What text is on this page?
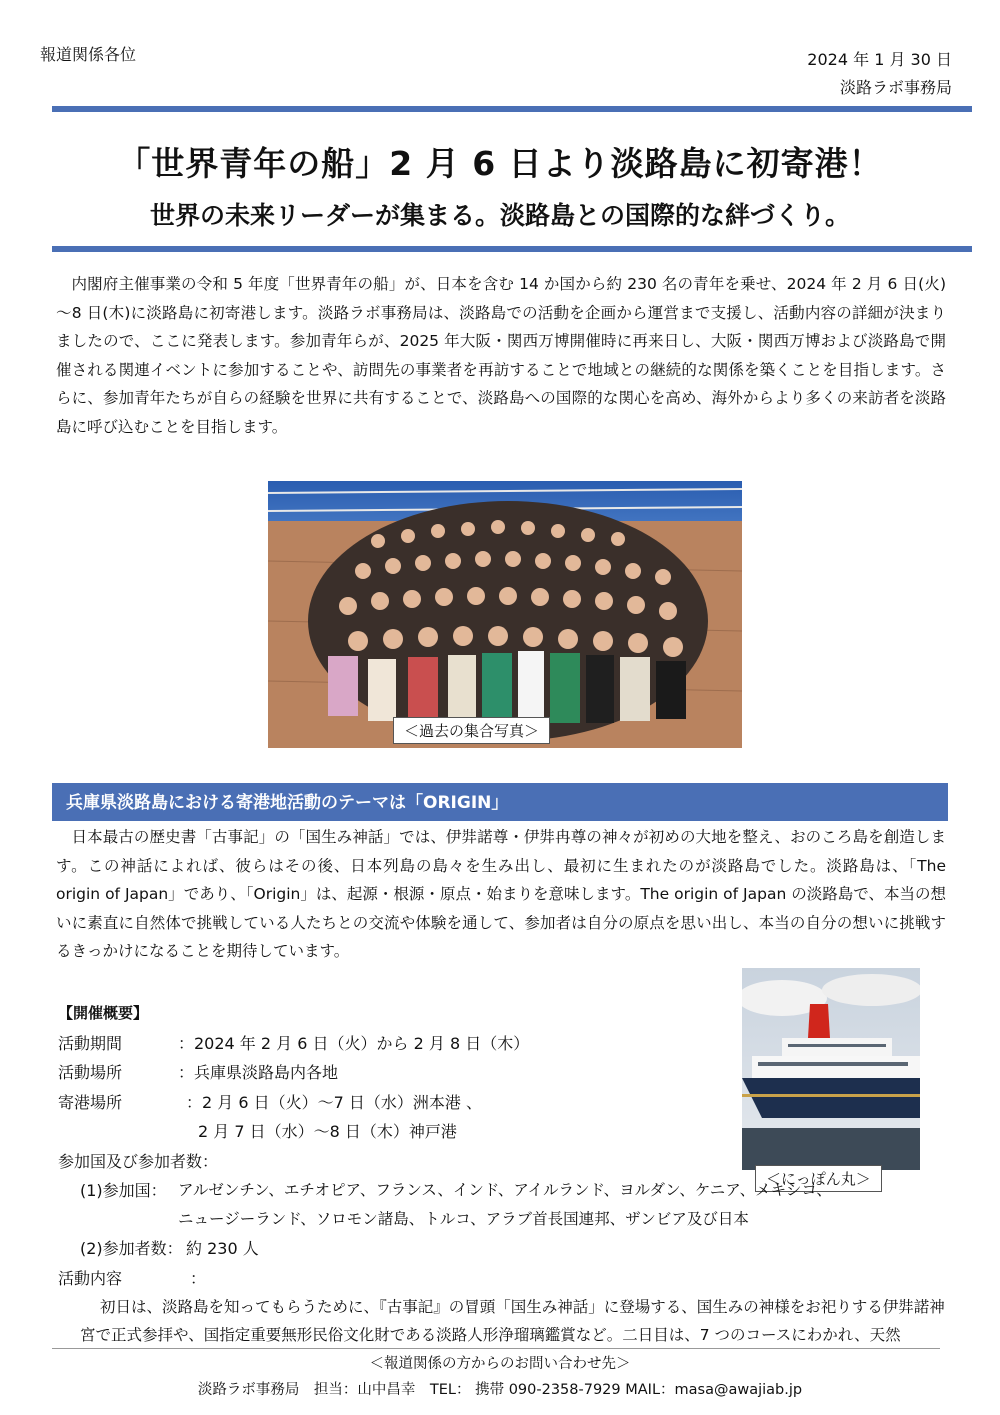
報道関係各位	2024 年 1 月 30 日
淡路ラボ事務局
「世界青年の船」2 月 6 日より淡路島に初寄港！
世界の未来リーダーが集まる。淡路島との国際的な絆づくり。
内閣府主催事業の令和 5 年度「世界青年の船」が、日本を含む 14 か国から約 230 名の青年を乗せ、2024 年 2 月 6 日(火)～8 日(木)に淡路島に初寄港します。淡路ラボ事務局は、淡路島での活動を企画から運営まで支援し、活動内容の詳細が決まりましたので、ここに発表します。参加青年らが、2025 年大阪・関西万博開催時に再来日し、大阪・関西万博および淡路島で開催される関連イベントに参加することや、訪問先の事業者を再訪することで地域との継続的な関係を築くことを目指します。さらに、参加青年たちが自らの経験を世界に共有することで、淡路島への国際的な関心を高め、海外からより多くの来訪者を淡路島に呼び込むことを目指します。
＜過去の集合写真＞
兵庫県淡路島における寄港地活動のテーマは「ORIGIN」
日本最古の歴史書「古事記」の「国生み神話」では、伊弉諾尊・伊弉冉尊の神々が初めの大地を整え、おのころ島を創造します。この神話によれば、彼らはその後、日本列島の島々を生み出し、最初に生まれたのが淡路島でした。淡路島は、「The origin of Japan」であり、「Origin」は、起源・根源・原点・始まりを意味します。The origin of Japan の淡路島で、本当の想いに素直に自然体で挑戦している人たちとの交流や体験を通して、参加者は自分の原点を思い出し、本当の自分の想いに挑戦するきっかけになることを期待しています。
＜にっぽん丸＞
【開催概要】
活動期間	：2024 年 2 月 6 日（火）から 2 月 8 日（木）
活動場所	：兵庫県淡路島内各地
寄港場所	：2 月 6 日（火）～7 日（水）洲本港 、
2 月 7 日（水）～8 日（木）神戸港
参加国及び参加者数：
(1)参加国： アルゼンチン、エチオピア、フランス、インド、アイルランド、ヨルダン、ケニア、メキシコ、
ニュージーランド、ソロモン諸島、トルコ、アラブ首長国連邦、ザンビア及び日本
(2)参加者数： 約 230 人
活動内容	：
初日は、淡路島を知ってもらうために、『古事記』の冒頭「国生み神話」に登場する、国生みの神様をお祀りする伊弉諾神
宮で正式参拝や、国指定重要無形民俗文化財である淡路人形浄瑠璃鑑賞など。二日目は、7 つのコースにわかれ、天然
＜報道関係の方からのお問い合わせ先＞
淡路ラボ事務局　担当：山中昌幸　TEL： 携帯 090-2358-7929 MAIL：masa@awajiab.jp
